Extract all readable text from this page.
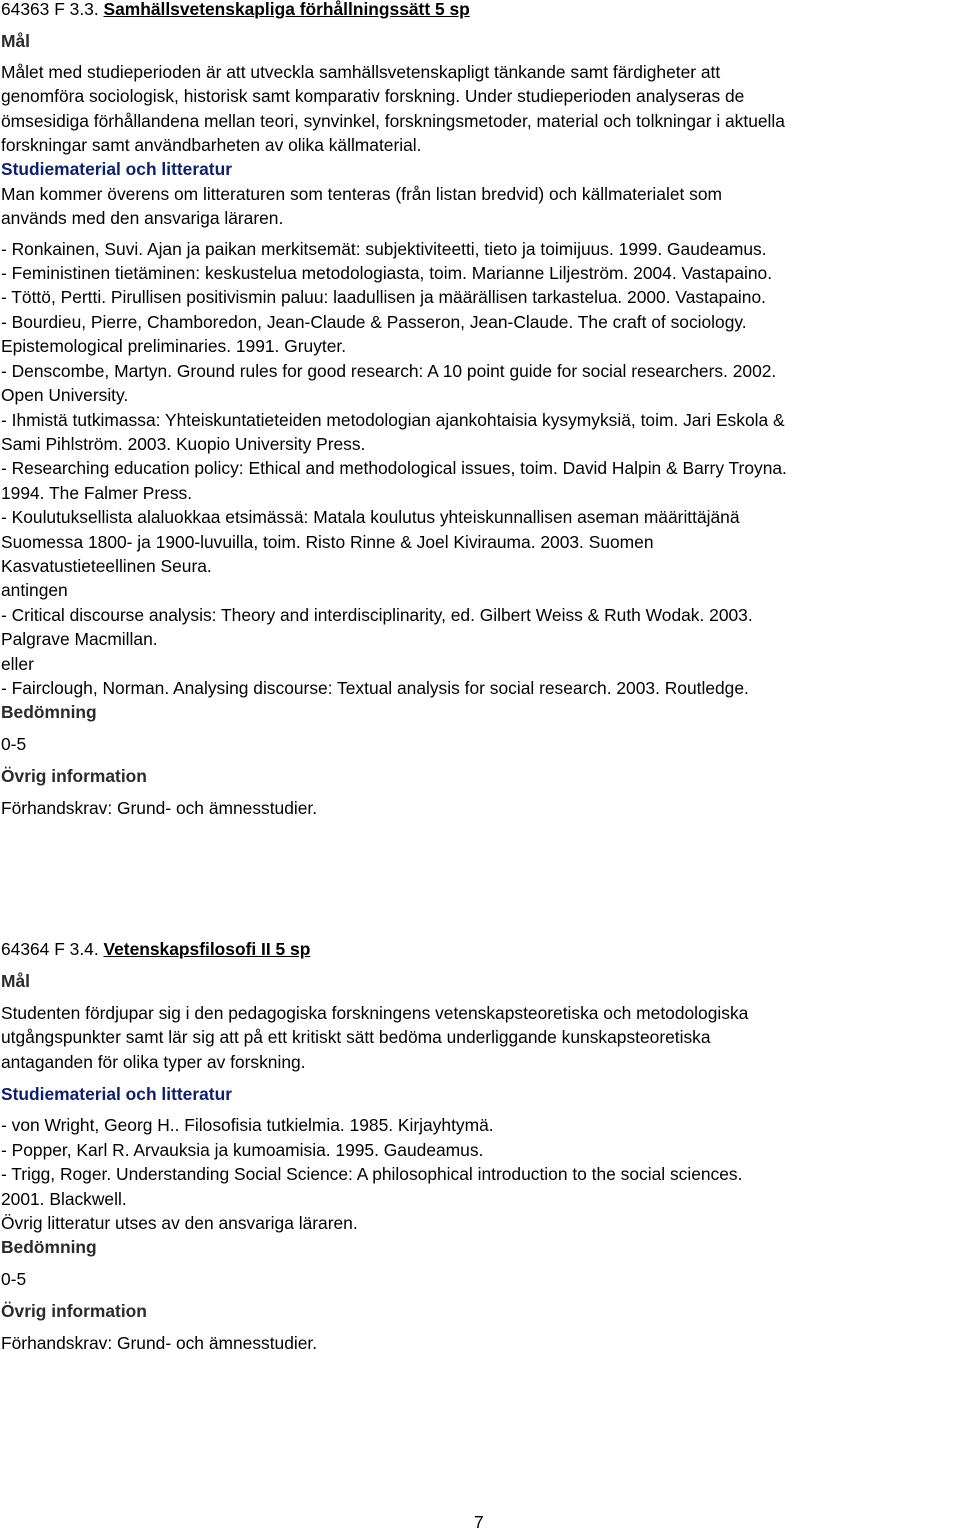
64363 F 3.3. Samhällsvetenskapliga förhållningssätt 5 sp
Mål
Målet med studieperioden är att utveckla samhällsvetenskapligt tänkande samt färdigheter att
genomföra sociologisk, historisk samt komparativ forskning. Under studieperioden analyseras de
ömsesidiga förhållandena mellan teori, synvinkel, forskningsmetoder, material och tolkningar i aktuella
forskningar samt användbarheten av olika källmaterial.
Studiematerial och litteratur
Man kommer överens om litteraturen som tenteras (från listan bredvid) och källmaterialet som
används med den ansvariga läraren.
- Ronkainen, Suvi. Ajan ja paikan merkitsemät: subjektiviteetti, tieto ja toimijuus. 1999. Gaudeamus.
- Feministinen tietäminen: keskustelua metodologiasta, toim. Marianne Liljeström. 2004. Vastapaino.
- Töttö, Pertti. Pirullisen positivismin paluu: laadullisen ja määrällisen tarkastelua. 2000. Vastapaino.
- Bourdieu, Pierre, Chamboredon, Jean-Claude & Passeron, Jean-Claude. The craft of sociology.
Epistemological preliminaries. 1991. Gruyter.
- Denscombe, Martyn. Ground rules for good research: A 10 point guide for social researchers. 2002.
Open University.
- Ihmistä tutkimassa: Yhteiskuntatieteiden metodologian ajankohtaisia kysymyksiä, toim. Jari Eskola &
Sami Pihlström. 2003. Kuopio University Press.
- Researching education policy: Ethical and methodological issues, toim. David Halpin & Barry Troyna.
1994. The Falmer Press.
- Koulutuksellista alaluokkaa etsimässä: Matala koulutus yhteiskunnallisen aseman määrittäjänä
Suomessa 1800- ja 1900-luvuilla, toim. Risto Rinne & Joel Kivirauma. 2003. Suomen
Kasvatustieteellinen Seura.
antingen
- Critical discourse analysis: Theory and interdisciplinarity, ed. Gilbert Weiss & Ruth Wodak. 2003.
Palgrave Macmillan.
eller
- Fairclough, Norman. Analysing discourse: Textual analysis for social research. 2003. Routledge.
Bedömning
0-5
Övrig information
Förhandskrav: Grund- och ämnesstudier.
64364 F 3.4. Vetenskapsfilosofi II 5 sp
Mål
Studenten fördjupar sig i den pedagogiska forskningens vetenskapsteoretiska och metodologiska
utgångspunkter samt lär sig att på ett kritiskt sätt bedöma underliggande kunskapsteoretiska
antaganden för olika typer av forskning.
Studiematerial och litteratur
- von Wright, Georg H.. Filosofisia tutkielmia. 1985. Kirjayhtymä.
- Popper, Karl R. Arvauksia ja kumoamisia. 1995. Gaudeamus.
- Trigg, Roger. Understanding Social Science: A philosophical introduction to the social sciences.
2001. Blackwell.
Övrig litteratur utses av den ansvariga läraren.
Bedömning
0-5
Övrig information
Förhandskrav: Grund- och ämnesstudier.
7
